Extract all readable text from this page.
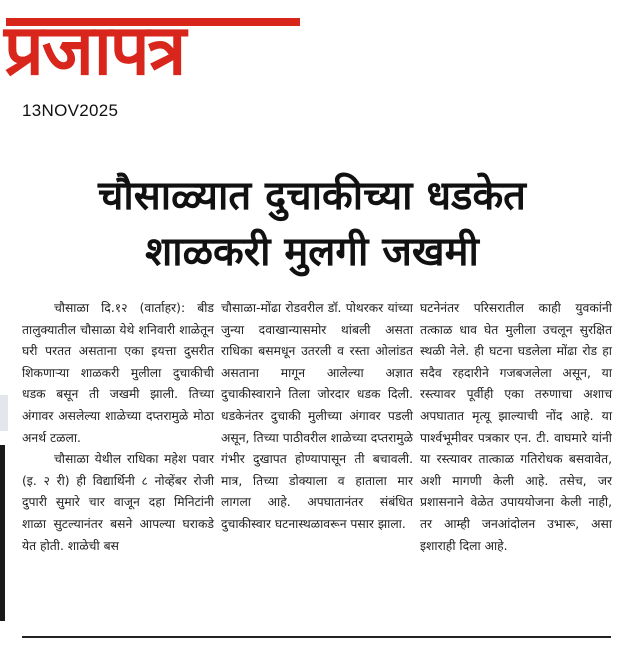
प्रजापत्र
13NOV2025
चौसाळ्यात दुचाकीच्या धडकेत
शाळकरी मुलगी जखमी

चौसाळा दि.१२ (वार्ताहर): बीड तालुक्यातील चौसाळा येथे शनिवारी शाळेतून घरी परतत असताना एका इयत्ता दुसरीत शिकणाऱ्या शाळकरी मुलीला दुचाकीची धडक बसून ती जखमी झाली. तिच्या अंगावर असलेल्या शाळेच्या दप्तरामुळे मोठा अनर्थ टळला.

चौसाळा येथील राधिका महेश पवार (इ. २ री) ही विद्यार्थिनी ८ नोव्हेंबर रोजी दुपारी सुमारे चार वाजून दहा मिनिटांनी शाळा सुटल्यानंतर बसने आपल्या घराकडे येत होती. शाळेची बस

चौसाळा-मोंढा रोडवरील डॉ. पोथरकर यांच्या जुन्या दवाखान्यासमोर थांबली असता राधिका बसमधून उतरली व रस्ता ओलांडत असताना मागून आलेल्या अज्ञात दुचाकीस्वाराने तिला जोरदार धडक दिली. धडकेनंतर दुचाकी मुलीच्या अंगावर पडली असून, तिच्या पाठीवरील शाळेच्या दप्तरामुळे गंभीर दुखापत होण्यापासून ती बचावली. मात्र, तिच्या डोक्याला व हाताला मार लागला आहे. अपघातानंतर संबंधित दुचाकीस्वार घटनास्थळावरून पसार झाला.

घटनेनंतर परिसरातील काही युवकांनी तत्काळ धाव घेत मुलीला उचलून सुरक्षित स्थळी नेले. ही घटना घडलेला मोंढा रोड हा सदैव रहदारीने गजबजलेला असून, या रस्त्यावर पूर्वीही एका तरुणाचा अशाच अपघातात मृत्यू झाल्याची नोंद आहे. या पार्श्वभूमीवर पत्रकार एन. टी. वाघमारे यांनी या रस्त्यावर तात्काळ गतिरोधक बसवावेत, अशी मागणी केली आहे. तसेच, जर प्रशासनाने वेळेत उपाययोजना केली नाही, तर आम्ही जनआंदोलन उभारू, असा इशाराही दिला आहे.
